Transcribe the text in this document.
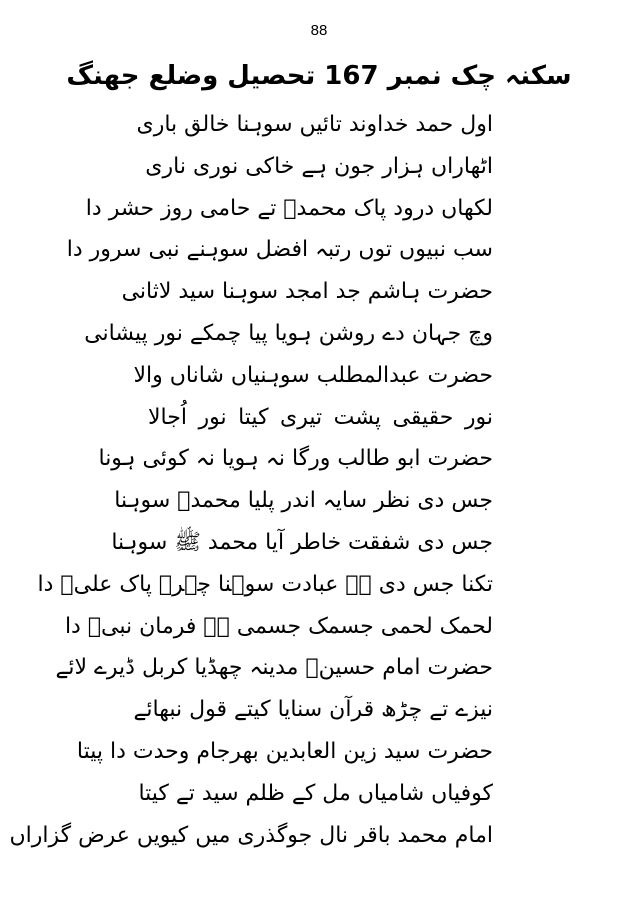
88
سکنہ چک نمبر 167 تحصیل وضلع جھنگ
اول حمد خداوند تائیں سوہنا خالق باری
اٹھاراں ہزار جون ہے خاکی نوری ناری
لکھاں درود پاک محمدؐ تے حامی روز حشر دا
سب نبیوں توں رتبہ افضل سوہنے نبی سرور دا
حضرت ہاشم جد امجد سوہنا سید لاثانی
وچ جہان دے روشن ہویا پیا چمکے نور پیشانی
حضرت عبدالمطلب سوہنیاں شاناں والا
نور حقیقی پشت تیری کیتا نور اُجالا
حضرت ابو طالب ورگا نہ ہویا نہ کوئی ہونا
جس دی نظر سایہ اندر پلیا محمدؐ سوہنا
جس دی شفقت خاطر آیا محمد ﷺ سوہنا
تکنا جس دی ہے عبادت سوہنا چہرہ پاک علیؓ دا
لحمک لحمی جسمک جسمی ہے فرمان نبیؐ دا
حضرت امام حسینؑ مدینہ چھڈیا کربل ڈیرے لائے
نیزے تے چڑھ قرآن سنایا کیتے قول نبھائے
حضرت سید زین العابدین بھرجام وحدت دا پیتا
کوفیاں شامیاں مل کے ظلم سید تے کیتا
امام محمد باقر نال جوگذری میں کیویں عرض گزاراں
